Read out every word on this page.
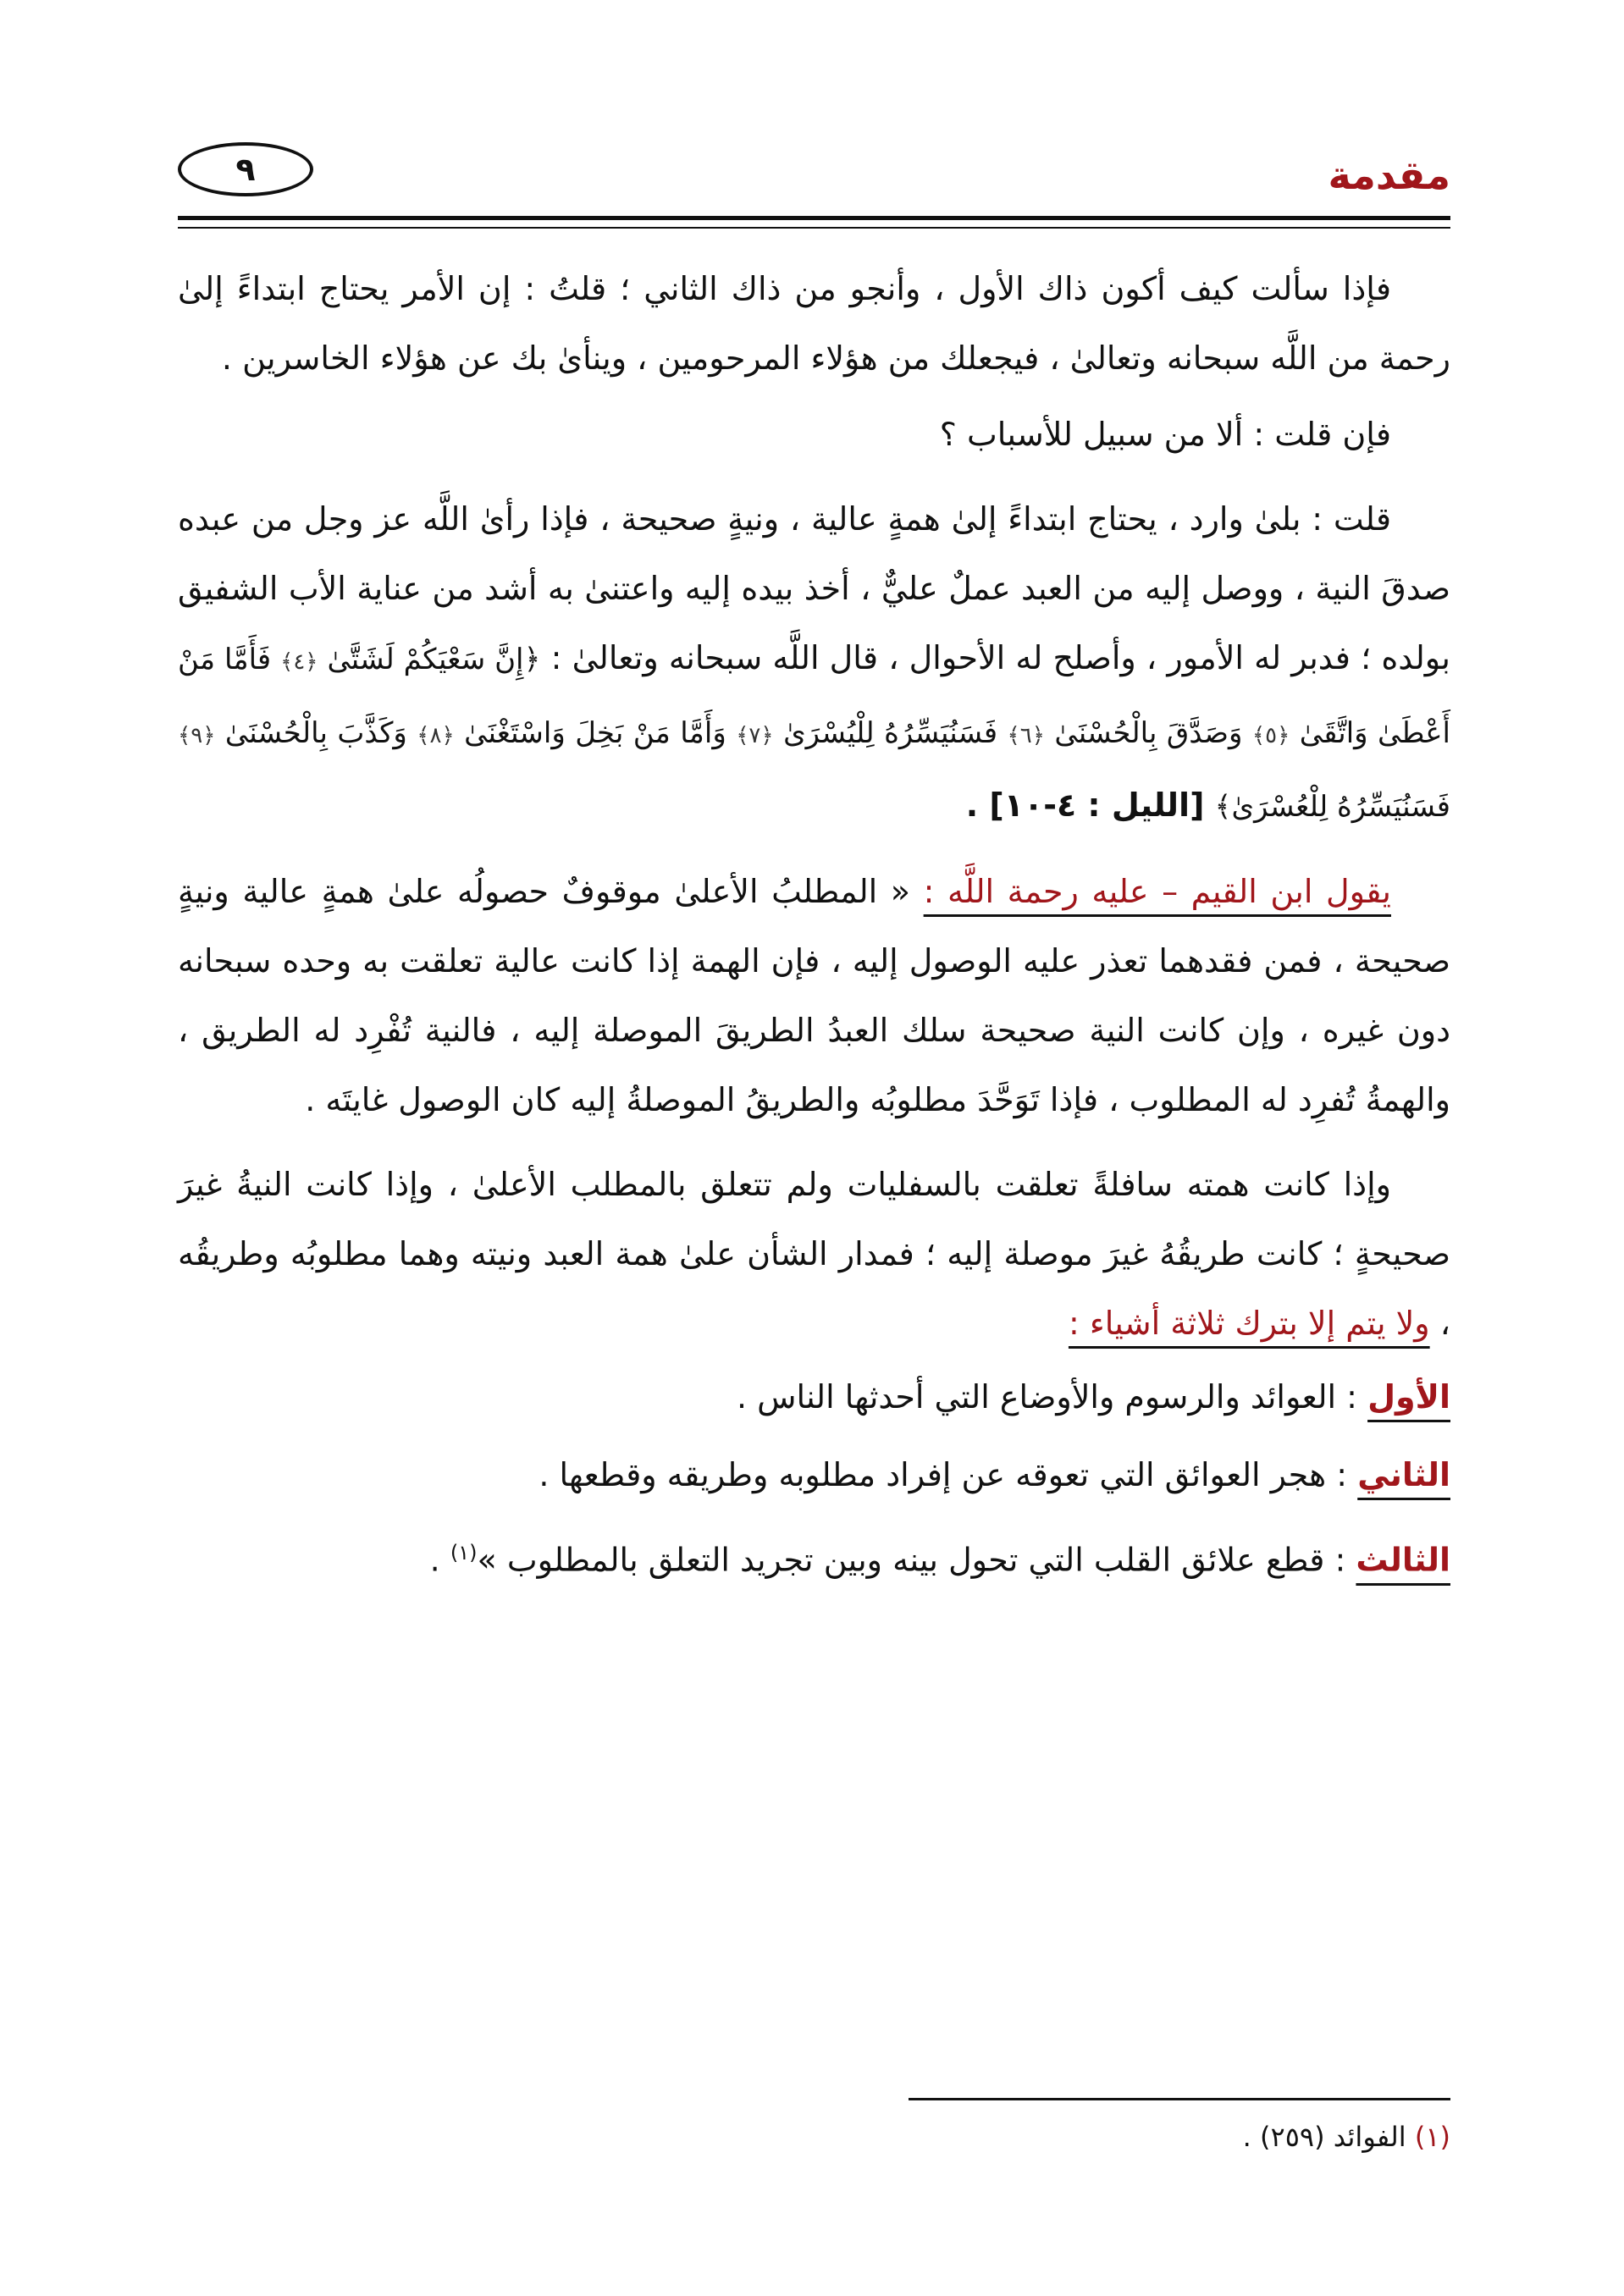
مقدمة
٩

فإذا سألت كيف أكون ذاك الأول ، وأنجو من ذاك الثاني ؛ قلتُ : إن الأمر يحتاج ابتداءً إلىٰ رحمة من اللَّه سبحانه وتعالىٰ ، فيجعلك من هؤلاء المرحومين ، وينأىٰ بك عن هؤلاء الخاسرين .

فإن قلت : ألا من سبيل للأسباب ؟

قلت : بلىٰ وارد ، يحتاج ابتداءً إلىٰ همةٍ عالية ، ونيةٍ صحيحة ، فإذا رأىٰ اللَّه عز وجل من عبده صدقَ النية ، ووصل إليه من العبد عملٌ عليٌّ ، أخذ بيده إليه واعتنىٰ به أشد من عناية الأب الشفيق بولده ؛ فدبر له الأمور ، وأصلح له الأحوال ، قال اللَّه سبحانه وتعالىٰ : ﴿إِنَّ سَعْيَكُمْ لَشَتَّىٰ ﴿٤﴾ فَأَمَّا مَنْ أَعْطَىٰ وَاتَّقَىٰ ﴿٥﴾ وَصَدَّقَ بِالْحُسْنَىٰ ﴿٦﴾ فَسَنُيَسِّرُهُ لِلْيُسْرَىٰ ﴿٧﴾ وَأَمَّا مَنْ بَخِلَ وَاسْتَغْنَىٰ ﴿٨﴾ وَكَذَّبَ بِالْحُسْنَىٰ ﴿٩﴾ فَسَنُيَسِّرُهُ لِلْعُسْرَىٰ﴾ [الليل : ٤-١٠] .

يقول ابن القيم – عليه رحمة اللَّه : « المطلبُ الأعلىٰ موقوفٌ حصولُه علىٰ همةٍ عالية ونيةٍ صحيحة ، فمن فقدهما تعذر عليه الوصول إليه ، فإن الهمة إذا كانت عالية تعلقت به وحده سبحانه دون غيره ، وإن كانت النية صحيحة سلك العبدُ الطريقَ الموصلة إليه ، فالنية تُفْرِد له الطريق ، والهمةُ تُفرِد له المطلوب ، فإذا تَوَحَّدَ مطلوبُه والطريقُ الموصلةُ إليه كان الوصول غايتَه .

وإذا كانت همته سافلةً تعلقت بالسفليات ولم تتعلق بالمطلب الأعلىٰ ، وإذا كانت النيةُ غيرَ صحيحةٍ ؛ كانت طريقُهُ غيرَ موصلة إليه ؛ فمدار الشأن علىٰ همة العبد ونيته وهما مطلوبُه وطريقُه ، ولا يتم إلا بترك ثلاثة أشياء :

الأول : العوائد والرسوم والأوضاع التي أحدثها الناس .

الثاني : هجر العوائق التي تعوقه عن إفراد مطلوبه وطريقه وقطعها .

الثالث : قطع علائق القلب التي تحول بينه وبين تجريد التعلق بالمطلوب »$^{(١)}$ .

(١) الفوائد (٢٥٩) .
